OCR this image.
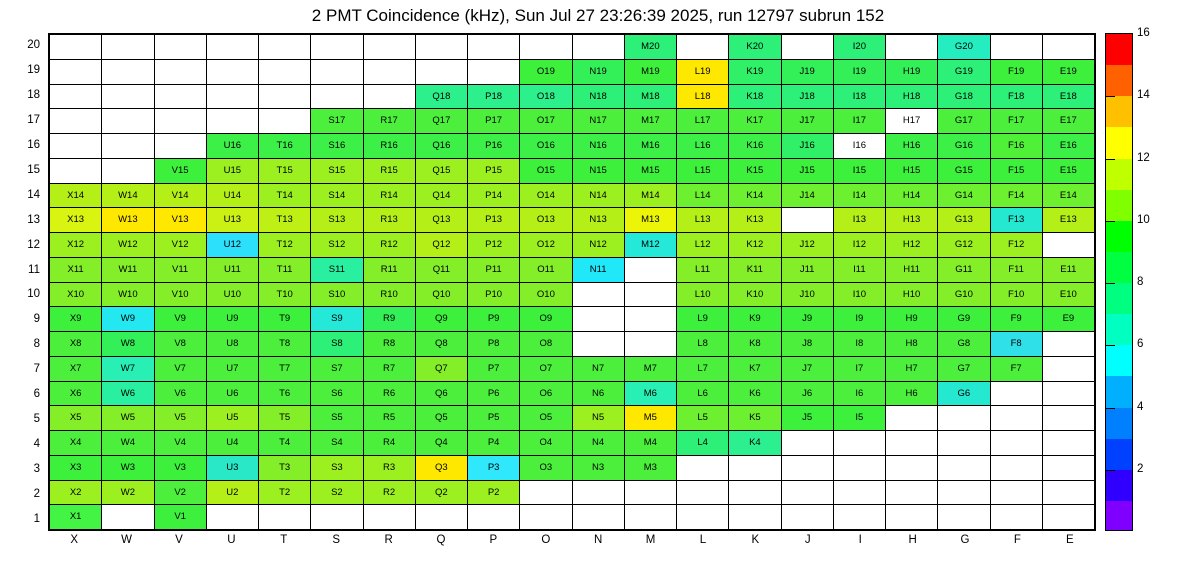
2 PMT Coincidence (kHz), Sun Jul 27 23:26:39 2025, run 12797 subrun 152
20
19
18
17
16
15
14
13
12
11
10
9
8
7
6
5
4
3
2
1
											M20		K20		I20		G20		
									O19	N19	M19	L19	K19	J19	I19	H19	G19	F19	E19
							Q18	P18	O18	N18	M18	L18	K18	J18	I18	H18	G18	F18	E18
					S17	R17	Q17	P17	O17	N17	M17	L17	K17	J17	I17	H17	G17	F17	E17
			U16	T16	S16	R16	Q16	P16	O16	N16	M16	L16	K16	J16	I16	H16	G16	F16	E16
		V15	U15	T15	S15	R15	Q15	P15	O15	N15	M15	L15	K15	J15	I15	H15	G15	F15	E15
X14	W14	V14	U14	T14	S14	R14	Q14	P14	O14	N14	M14	L14	K14	J14	I14	H14	G14	F14	E14
X13	W13	V13	U13	T13	S13	R13	Q13	P13	O13	N13	M13	L13	K13		I13	H13	G13	F13	E13
X12	W12	V12	U12	T12	S12	R12	Q12	P12	O12	N12	M12	L12	K12	J12	I12	H12	G12	F12	
X11	W11	V11	U11	T11	S11	R11	Q11	P11	O11	N11		L11	K11	J11	I11	H11	G11	F11	E11
X10	W10	V10	U10	T10	S10	R10	Q10	P10	O10			L10	K10	J10	I10	H10	G10	F10	E10
X9	W9	V9	U9	T9	S9	R9	Q9	P9	O9			L9	K9	J9	I9	H9	G9	F9	E9
X8	W8	V8	U8	T8	S8	R8	Q8	P8	O8			L8	K8	J8	I8	H8	G8	F8	
X7	W7	V7	U7	T7	S7	R7	Q7	P7	O7	N7	M7	L7	K7	J7	I7	H7	G7	F7	
X6	W6	V6	U6	T6	S6	R6	Q6	P6	O6	N6	M6	L6	K6	J6	I6	H6	G6		
X5	W5	V5	U5	T5	S5	R5	Q5	P5	O5	N5	M5	L5	K5	J5	I5				
X4	W4	V4	U4	T4	S4	R4	Q4	P4	O4	N4	M4	L4	K4						
X3	W3	V3	U3	T3	S3	R3	Q3	P3	O3	N3	M3								
X2	W2	V2	U2	T2	S2	R2	Q2	P2											
X1		V1																	
X	W	V	U	T	S	R	Q	P	O	N	M	L	K	J	I	H	G	F	E
2
4
6
8
10
12
14
16
